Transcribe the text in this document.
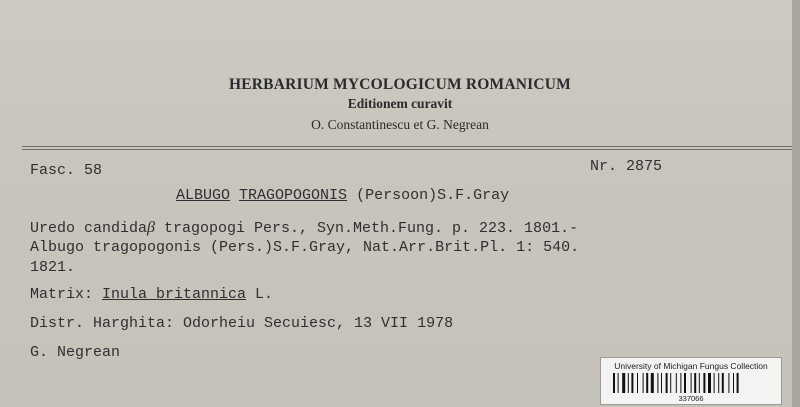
HERBARIUM MYCOLOGICUM ROMANICUM
Editionem curavit
O. Constantinescu et G. Negrean
Fasc. 58	Nr. 2875
ALBUGO TRAGOPOGONIS (Persoon)S.F.Gray
Uredo candidaβ tragopogi Pers., Syn.Meth.Fung. p. 223. 1801.-
Albugo tragopogonis (Pers.)S.F.Gray, Nat.Arr.Brit.Pl. 1: 540.
1821.
Matrix: Inula britannica L.
Distr. Harghita: Odorheiu Secuiesc, 13 VII 1978
G. Negrean
University of Michigan Fungus Collection
337066
